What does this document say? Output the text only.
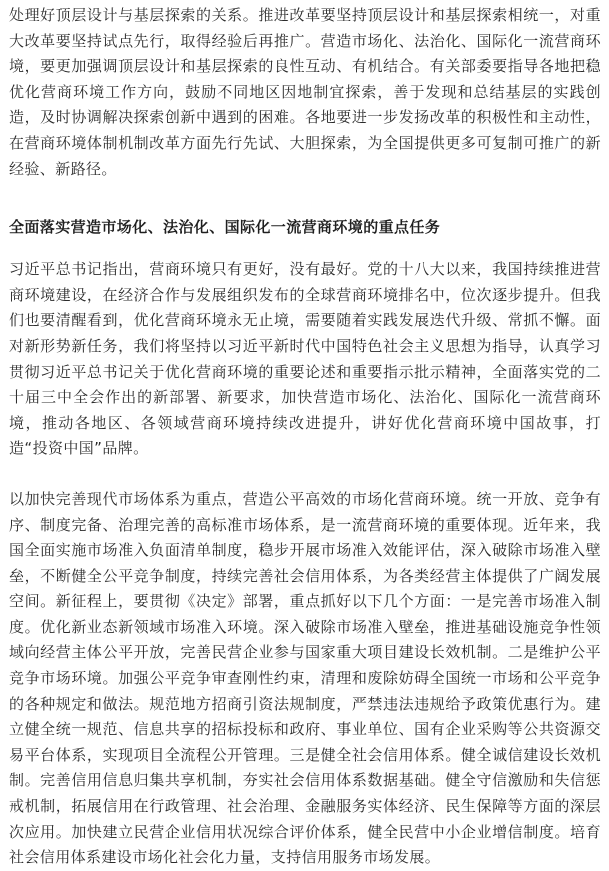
处理好顶层设计与基层探索的关系。推进改革要坚持顶层设计和基层探索相统一，对重大改革要坚持试点先行，取得经验后再推广。营造市场化、法治化、国际化一流营商环境，要更加强调顶层设计和基层探索的良性互动、有机结合。有关部委要指导各地把稳优化营商环境工作方向，鼓励不同地区因地制宜探索，善于发现和总结基层的实践创造，及时协调解决探索创新中遇到的困难。各地要进一步发扬改革的积极性和主动性，在营商环境体制机制改革方面先行先试、大胆探索，为全国提供更多可复制可推广的新经验、新路径。

全面落实营造市场化、法治化、国际化一流营商环境的重点任务

习近平总书记指出，营商环境只有更好，没有最好。党的十八大以来，我国持续推进营商环境建设，在经济合作与发展组织发布的全球营商环境排名中，位次逐步提升。但我们也要清醒看到，优化营商环境永无止境，需要随着实践发展迭代升级、常抓不懈。面对新形势新任务，我们将坚持以习近平新时代中国特色社会主义思想为指导，认真学习贯彻习近平总书记关于优化营商环境的重要论述和重要指示批示精神，全面落实党的二十届三中全会作出的新部署、新要求，加快营造市场化、法治化、国际化一流营商环境，推动各地区、各领域营商环境持续改进提升，讲好优化营商环境中国故事，打造“投资中国”品牌。

以加快完善现代市场体系为重点，营造公平高效的市场化营商环境。统一开放、竞争有序、制度完备、治理完善的高标准市场体系，是一流营商环境的重要体现。近年来，我国全面实施市场准入负面清单制度，稳步开展市场准入效能评估，深入破除市场准入壁垒，不断健全公平竞争制度，持续完善社会信用体系，为各类经营主体提供了广阔发展空间。新征程上，要贯彻《决定》部署，重点抓好以下几个方面：一是完善市场准入制度。优化新业态新领域市场准入环境。深入破除市场准入壁垒，推进基础设施竞争性领域向经营主体公平开放，完善民营企业参与国家重大项目建设长效机制。二是维护公平竞争市场环境。加强公平竞争审查刚性约束，清理和废除妨碍全国统一市场和公平竞争的各种规定和做法。规范地方招商引资法规制度，严禁违法违规给予政策优惠行为。建立健全统一规范、信息共享的招标投标和政府、事业单位、国有企业采购等公共资源交易平台体系，实现项目全流程公开管理。三是健全社会信用体系。健全诚信建设长效机制。完善信用信息归集共享机制，夯实社会信用体系数据基础。健全守信激励和失信惩戒机制，拓展信用在行政管理、社会治理、金融服务实体经济、民生保障等方面的深层次应用。加快建立民营企业信用状况综合评价体系，健全民营中小企业增信制度。培育社会信用体系建设市场化社会化力量，支持信用服务市场发展。
